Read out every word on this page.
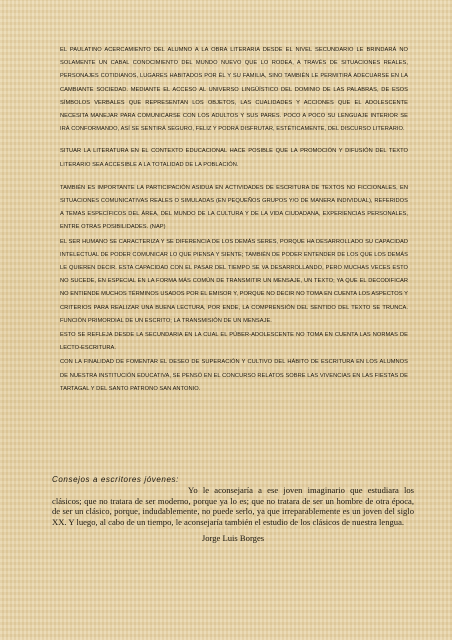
EL PAULATINO ACERCAMIENTO DEL ALUMNO A LA OBRA LITERARIA DESDE EL NIVEL SECUNDARIO LE BRINDARÁ NO SOLAMENTE UN CABAL CONOCIMIENTO DEL MUNDO NUEVO QUE LO RODEA, A TRAVÉS DE SITUACIONES REALES, PERSONAJES COTIDIANOS, LUGARES HABITADOS POR ÉL Y SU FAMILIA, SINO TAMBIÉN LE PERMITIRÁ ADECUARSE EN LA CAMBIANTE SOCIEDAD. MEDIANTE EL ACCESO AL UNIVERSO LINGÜÍSTICO DEL DOMINIO DE LAS PALABRAS, DE ESOS SÍMBOLOS VERBALES QUE REPRESENTAN LOS OBJETOS, LAS CUALIDADES Y ACCIONES QUE EL ADOLESCENTE NECESITA MANEJAR PARA COMUNICARSE CON LOS ADULTOS Y SUS PARES. POCO A POCO SU LENGUAJE INTERIOR SE IRÁ CONFORMANDO, ASÍ SE SENTIRÁ SEGURO, FELIZ Y PODRÁ DISFRUTAR, ESTÉTICAMENTE, DEL DISCURSO LITERARIO.

SITUAR LA LITERATURA EN EL CONTEXTO EDUCACIONAL HACE POSIBLE QUE LA PROMOCIÓN Y DIFUSIÓN DEL TEXTO LITERARIO SEA ACCESIBLE A LA TOTALIDAD DE LA POBLACIÓN.

TAMBIÉN ES IMPORTANTE LA PARTICIPACIÓN ASIDUA EN ACTIVIDADES DE ESCRITURA DE TEXTOS NO FICCIONALES, EN SITUACIONES COMUNICATIVAS REALES O SIMULADAS (EN PEQUEÑOS GRUPOS Y/O DE MANERA INDIVIDUAL), REFERIDOS A TEMAS ESPECÍFICOS DEL ÁREA, DEL MUNDO DE LA CULTURA Y DE LA VIDA CIUDADANA, EXPERIENCIAS PERSONALES, ENTRE OTRAS POSIBILIDADES. (NAP)

EL SER HUMANO SE CARACTERIZA Y SE DIFERENCIA DE LOS DEMÁS SERES, PORQUE HA DESARROLLADO SU CAPACIDAD INTELECTUAL DE PODER COMUNICAR LO QUE PIENSA Y SIENTE; TAMBIÉN DE PODER ENTENDER DE LOS QUE LOS DEMÁS LE QUIEREN DECIR. ESTA CAPACIDAD CON EL PASAR DEL TIEMPO SE VA DESARROLLANDO, PERO MUCHAS VECES ESTO NO SUCEDE, EN ESPECIAL EN LA FORMA MÁS COMÚN DE TRANSMITIR UN MENSAJE, UN TEXTO; YA QUE EL DECODIFICAR NO ENTIENDE MUCHOS TÉRMINOS USADOS POR EL EMISOR Y, PORQUE NO DECIR NO TOMA EN CUENTA LOS ASPECTOS Y CRITERIOS PARA REALIZAR UNA BUENA LECTURA, POR ENDE, LA COMPRENSIÓN DEL SENTIDO DEL TEXTO SE TRUNCA. FUNCIÓN PRIMORDIAL DE UN ESCRITO; LA TRANSMISIÓN DE UN MENSAJE.

ESTO SE REFLEJA DESDE LA SECUNDARIA EN LA CUAL EL PÚBER-ADOLESCENTE NO TOMA EN CUENTA LAS NORMAS DE LECTO-ESCRITURA.

CON LA FINALIDAD DE FOMENTAR EL DESEO DE SUPERACIÓN Y CULTIVO DEL HÁBITO DE ESCRITURA EN LOS ALUMNOS DE NUESTRA INSTITUCIÓN EDUCATIVA, SE PENSÓ EN EL CONCURSO RELATOS SOBRE LAS VIVENCIAS EN LAS FIESTAS DE TARTAGAL Y DEL SANTO PATRONO SAN ANTONIO.

Consejos a escritores jóvenes:

Yo le aconsejaría a ese joven imaginario que estudiara los clásicos; que no tratara de ser moderno, porque ya lo es; que no tratara de ser un hombre de otra época, de ser un clásico, porque, indudablemente, no puede serlo, ya que irreparablemente es un joven del siglo XX. Y luego, al cabo de un tiempo, le aconsejaría también el estudio de los clásicos de nuestra lengua.

Jorge Luis Borges
